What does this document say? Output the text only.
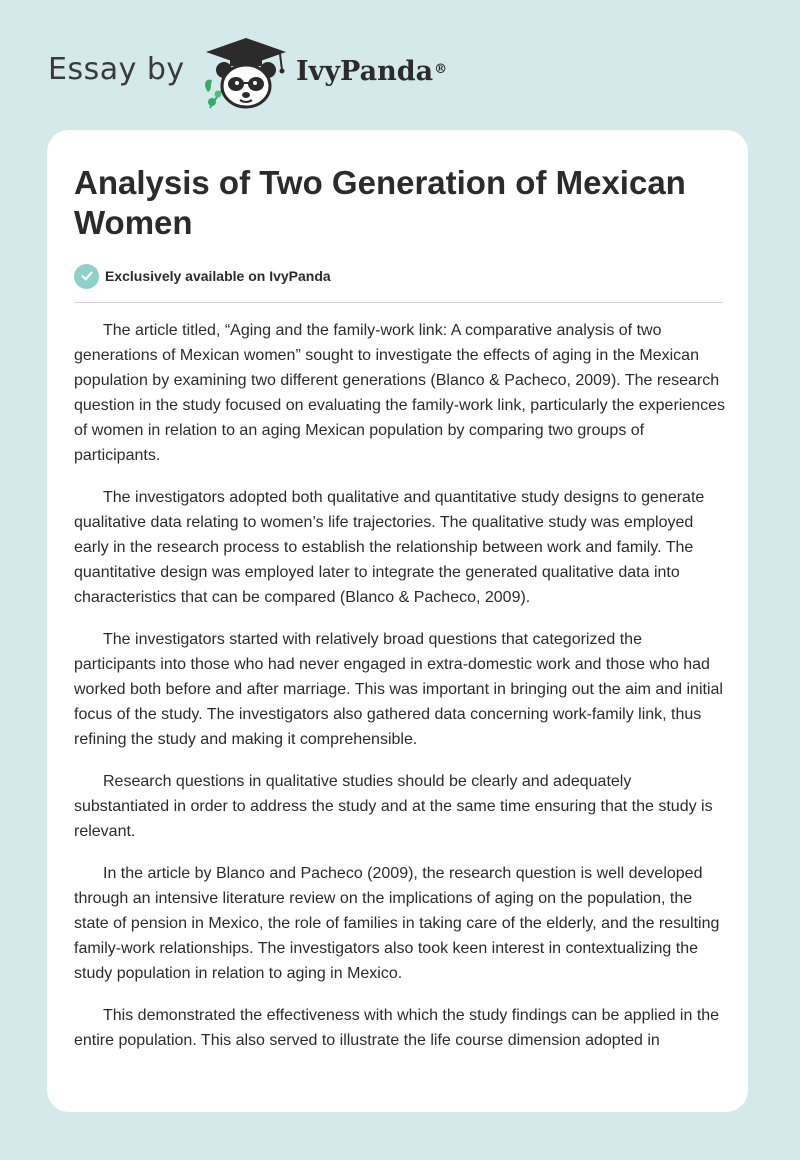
Essay by	IvyPanda®
Analysis of Two Generation of Mexican Women
Exclusively available on IvyPanda

The article titled, “Aging and the family-work link: A comparative analysis of two generations of Mexican women” sought to investigate the effects of aging in the Mexican population by examining two different generations (Blanco & Pacheco, 2009). The research question in the study focused on evaluating the family-work link, particularly the experiences of women in relation to an aging Mexican population by comparing two groups of participants.

The investigators adopted both qualitative and quantitative study designs to generate qualitative data relating to women’s life trajectories. The qualitative study was employed early in the research process to establish the relationship between work and family. The quantitative design was employed later to integrate the generated qualitative data into characteristics that can be compared (Blanco & Pacheco, 2009).

The investigators started with relatively broad questions that categorized the participants into those who had never engaged in extra-domestic work and those who had worked both before and after marriage. This was important in bringing out the aim and initial focus of the study. The investigators also gathered data concerning work-family link, thus refining the study and making it comprehensible.

Research questions in qualitative studies should be clearly and adequately substantiated in order to address the study and at the same time ensuring that the study is relevant.

In the article by Blanco and Pacheco (2009), the research question is well developed through an intensive literature review on the implications of aging on the population, the state of pension in Mexico, the role of families in taking care of the elderly, and the resulting family-work relationships. The investigators also took keen interest in contextualizing the study population in relation to aging in Mexico.

This demonstrated the effectiveness with which the study findings can be applied in the entire population. This also served to illustrate the life course dimension adopted in
